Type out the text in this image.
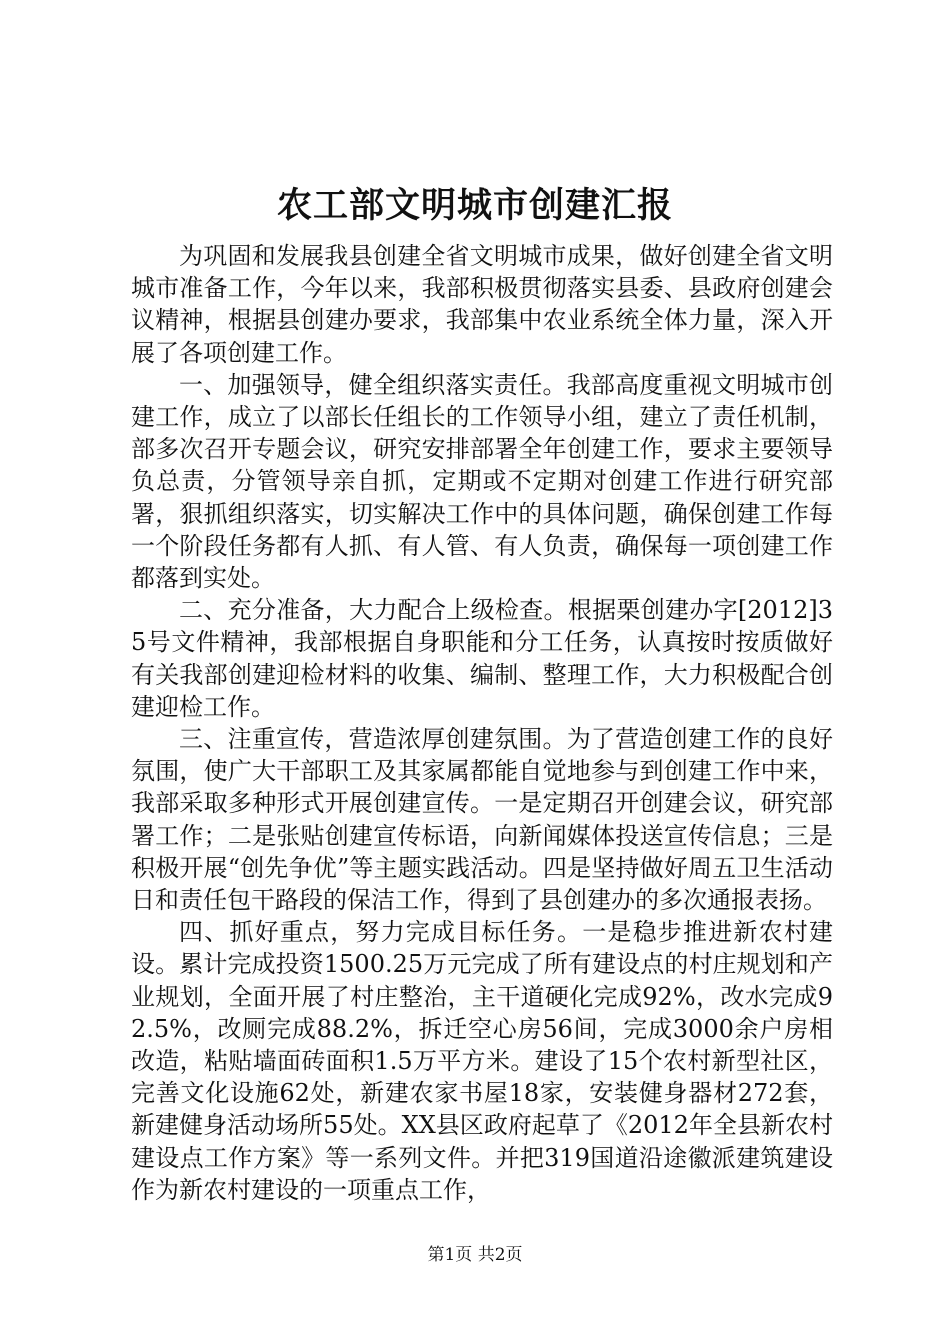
农工部文明城市创建汇报

为巩固和发展我县创建全省文明城市成果，做好创建全省文明城市准备工作，今年以来，我部积极贯彻落实县委、县政府创建会议精神，根据县创建办要求，我部集中农业系统全体力量，深入开展了各项创建工作。

一、加强领导，健全组织落实责任。我部高度重视文明城市创建工作，成立了以部长任组长的工作领导小组，建立了责任机制，部多次召开专题会议，研究安排部署全年创建工作，要求主要领导负总责，分管领导亲自抓，定期或不定期对创建工作进行研究部署，狠抓组织落实，切实解决工作中的具体问题，确保创建工作每一个阶段任务都有人抓、有人管、有人负责，确保每一项创建工作都落到实处。

二、充分准备，大力配合上级检查。根据栗创建办字[2012]35号文件精神，我部根据自身职能和分工任务，认真按时按质做好有关我部创建迎检材料的收集、编制、整理工作，大力积极配合创建迎检工作。

三、注重宣传，营造浓厚创建氛围。为了营造创建工作的良好氛围，使广大干部职工及其家属都能自觉地参与到创建工作中来，我部采取多种形式开展创建宣传。一是定期召开创建会议，研究部署工作；二是张贴创建宣传标语，向新闻媒体投送宣传信息；三是积极开展“创先争优”等主题实践活动。四是坚持做好周五卫生活动日和责任包干路段的保洁工作，得到了县创建办的多次通报表扬。

四、抓好重点，努力完成目标任务。一是稳步推进新农村建设。累计完成投资1500.25万元完成了所有建设点的村庄规划和产业规划，全面开展了村庄整治，主干道硬化完成92%，改水完成92.5%，改厕完成88.2%，拆迁空心房56间，完成3000余户房相改造，粘贴墙面砖面积1.5万平方米。建设了15个农村新型社区，完善文化设施62处，新建农家书屋18家，安装健身器材272套，新建健身活动场所55处。XX县区政府起草了《2012年全县新农村建设点工作方案》等一系列文件。并把319国道沿途徽派建筑建设作为新农村建设的一项重点工作，

第1页 共2页
